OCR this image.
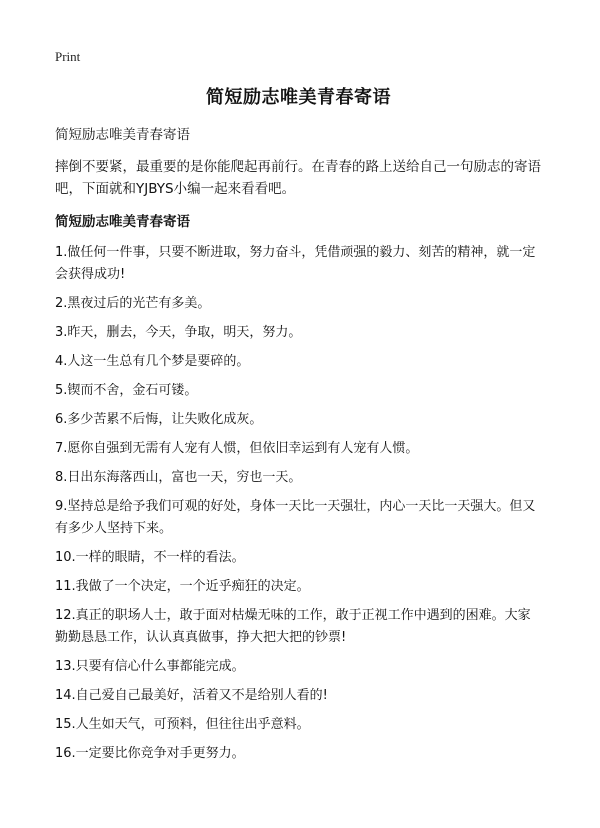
Print
简短励志唯美青春寄语
简短励志唯美青春寄语
摔倒不要紧，最重要的是你能爬起再前行。在青春的路上送给自己一句励志的寄语吧，下面就和YJBYS小编一起来看看吧。
简短励志唯美青春寄语
1.做任何一件事，只要不断进取，努力奋斗，凭借顽强的毅力、刻苦的精神，就一定会获得成功!
2.黑夜过后的光芒有多美。
3.昨天，删去，今天，争取，明天，努力。
4.人这一生总有几个梦是要碎的。
5.锲而不舍，金石可镂。
6.多少苦累不后悔，让失败化成灰。
7.愿你自强到无需有人宠有人惯，但依旧幸运到有人宠有人惯。
8.日出东海落西山，富也一天，穷也一天。
9.坚持总是给予我们可观的好处，身体一天比一天强壮，内心一天比一天强大。但又有多少人坚持下来。
10.一样的眼睛，不一样的看法。
11.我做了一个决定，一个近乎痴狂的决定。
12.真正的职场人士，敢于面对枯燥无味的工作，敢于正视工作中遇到的困难。大家勤勤恳恳工作，认认真真做事，挣大把大把的钞票!
13.只要有信心什么事都能完成。
14.自己爱自己最美好，活着又不是给别人看的!
15.人生如天气，可预料，但往往出乎意料。
16.一定要比你竞争对手更努力。
